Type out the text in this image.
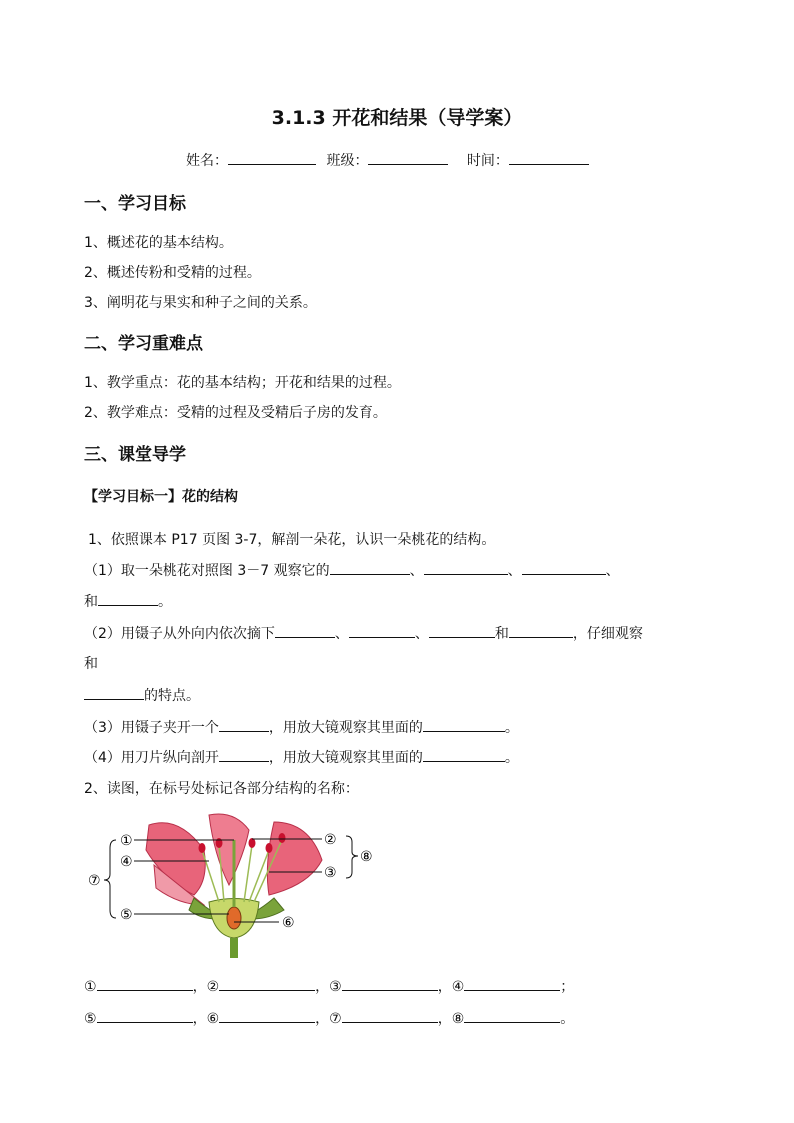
3.1.3 开花和结果（导学案）
姓名：	班级：	时间：
一、学习目标
1、概述花的基本结构。
2、概述传粉和受精的过程。
3、阐明花与果实和种子之间的关系。
二、学习重难点
1、教学重点：花的基本结构；开花和结果的过程。
2、教学难点：受精的过程及受精后子房的发育。
三、课堂导学
【学习目标一】花的结构
1、依照课本 P17 页图 3-7，解剖一朵花，认识一朵桃花的结构。
（1）取一朵桃花对照图 3－7 观察它的	、	、	、
和	。
（2）用镊子从外向内依次摘下	、	、	和	，仔细观察
和
的特点。
（3）用镊子夹开一个	，用放大镜观察其里面的	。
（4）用刀片纵向剖开	，用放大镜观察其里面的	。
2、读图，在标号处标记各部分结构的名称：
①	②
③
④
⑤	⑥
⑦
⑧
①	，②	，③	，④	；
⑤	，⑥	，⑦	，⑧	。
